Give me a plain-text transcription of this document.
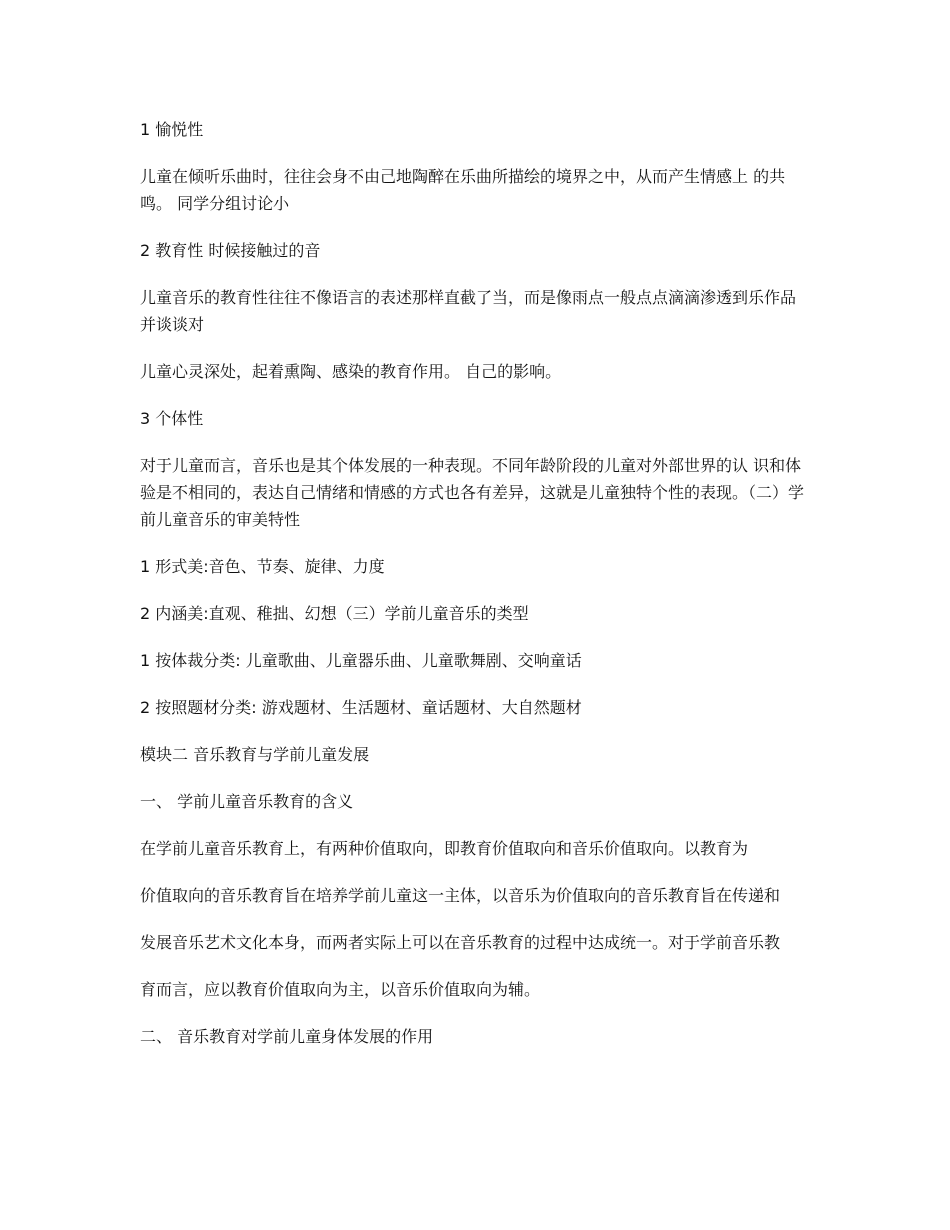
1 愉悦性

儿童在倾听乐曲时，往往会身不由己地陶醉在乐曲所描绘的境界之中，从而产生情感上 的共鸣。 同学分组讨论小

2 教育性 时候接触过的音

儿童音乐的教育性往往不像语言的表述那样直截了当，而是像雨点一般点点滴滴渗透到乐作品并谈谈对

儿童心灵深处，起着熏陶、感染的教育作用。 自己的影响。

3 个体性

对于儿童而言，音乐也是其个体发展的一种表现。不同年龄阶段的儿童对外部世界的认 识和体验是不相同的，表达自己情绪和情感的方式也各有差异，这就是儿童独特个性的表现。（二）学前儿童音乐的审美特性

1 形式美:音色、节奏、旋律、力度

2 内涵美:直观、稚拙、幻想（三）学前儿童音乐的类型

1 按体裁分类: 儿童歌曲、儿童器乐曲、儿童歌舞剧、交响童话

2 按照题材分类: 游戏题材、生活题材、童话题材、大自然题材

模块二 音乐教育与学前儿童发展

一、 学前儿童音乐教育的含义

在学前儿童音乐教育上，有两种价值取向，即教育价值取向和音乐价值取向。以教育为

价值取向的音乐教育旨在培养学前儿童这一主体，以音乐为价值取向的音乐教育旨在传递和

发展音乐艺术文化本身，而两者实际上可以在音乐教育的过程中达成统一。对于学前音乐教

育而言，应以教育价值取向为主，以音乐价值取向为辅。

二、 音乐教育对学前儿童身体发展的作用
